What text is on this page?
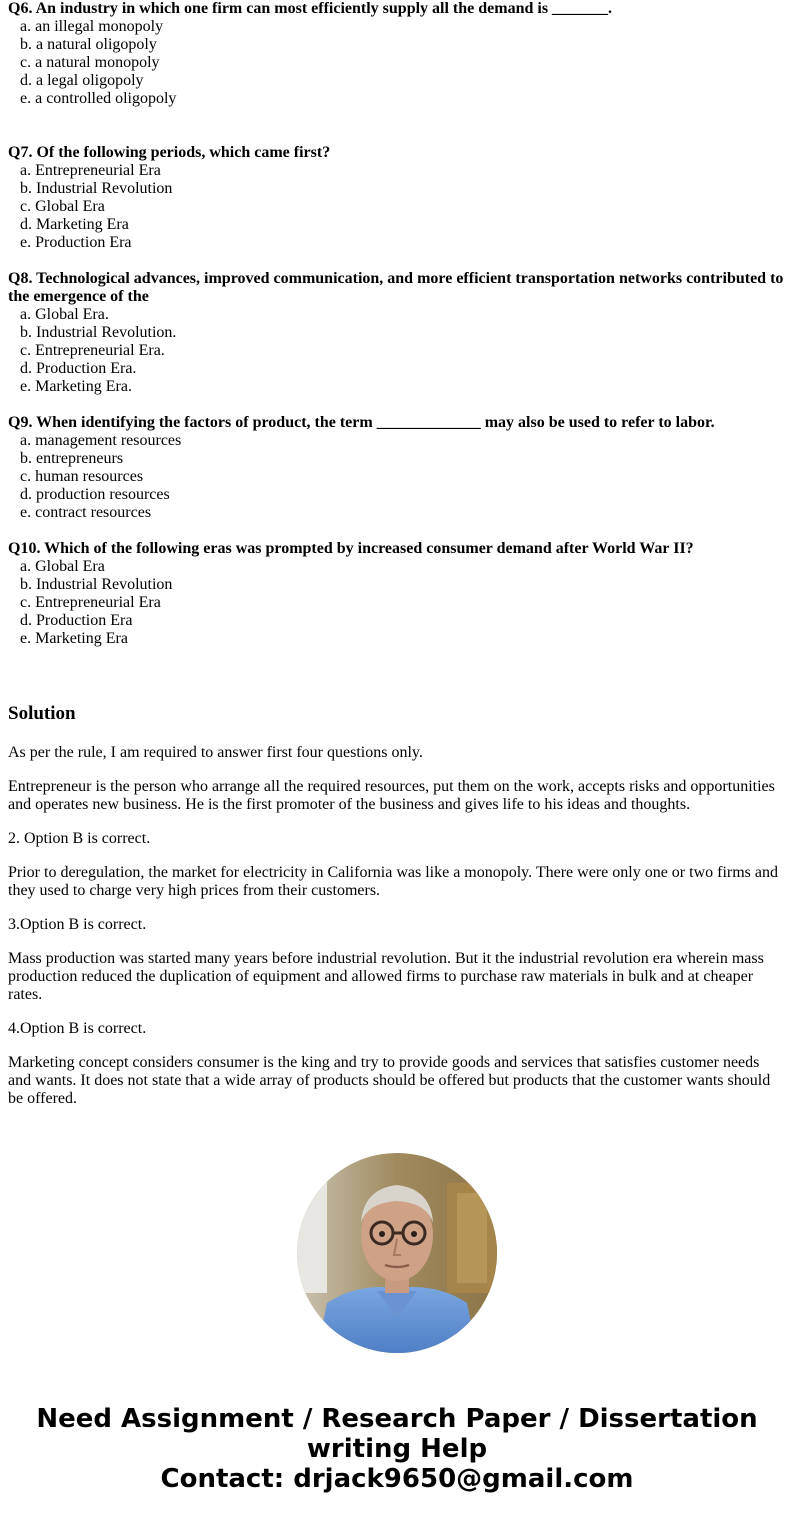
Q6. An industry in which one firm can most efficiently supply all the demand is _______.

a. an illegal monopoly
b. a natural oligopoly
c. a natural monopoly
d. a legal oligopoly
e. a controlled oligopoly

Q7. Of the following periods, which came first?

a. Entrepreneurial Era
b. Industrial Revolution
c. Global Era
d. Marketing Era
e. Production Era

Q8. Technological advances, improved communication, and more efficient transportation networks contributed to the emergence of the

a. Global Era.
b. Industrial Revolution.
c. Entrepreneurial Era.
d. Production Era.
e. Marketing Era.

Q9. When identifying the factors of product, the term _____________ may also be used to refer to labor.

a. management resources
b. entrepreneurs
c. human resources
d. production resources
e. contract resources

Q10. Which of the following eras was prompted by increased consumer demand after World War II?

a. Global Era
b. Industrial Revolution
c. Entrepreneurial Era
d. Production Era
e. Marketing Era
Solution

As per the rule, I am required to answer first four questions only.

Entrepreneur is the person who arrange all the required resources, put them on the work, accepts risks and opportunities and operates new business. He is the first promoter of the business and gives life to his ideas and thoughts.

2. Option B is correct.

Prior to deregulation, the market for electricity in California was like a monopoly. There were only one or two firms and they used to charge very high prices from their customers.

3.Option B is correct.

Mass production was started many years before industrial revolution. But it the industrial revolution era wherein mass production reduced the duplication of equipment and allowed firms to purchase raw materials in bulk and at cheaper rates.

4.Option B is correct.

Marketing concept considers consumer is the king and try to provide goods and services that satisfies customer needs and wants. It does not state that a wide array of products should be offered but products that the customer wants should be offered.

Need Assignment / Research Paper / Dissertation
writing Help
Contact: drjack9650@gmail.com
